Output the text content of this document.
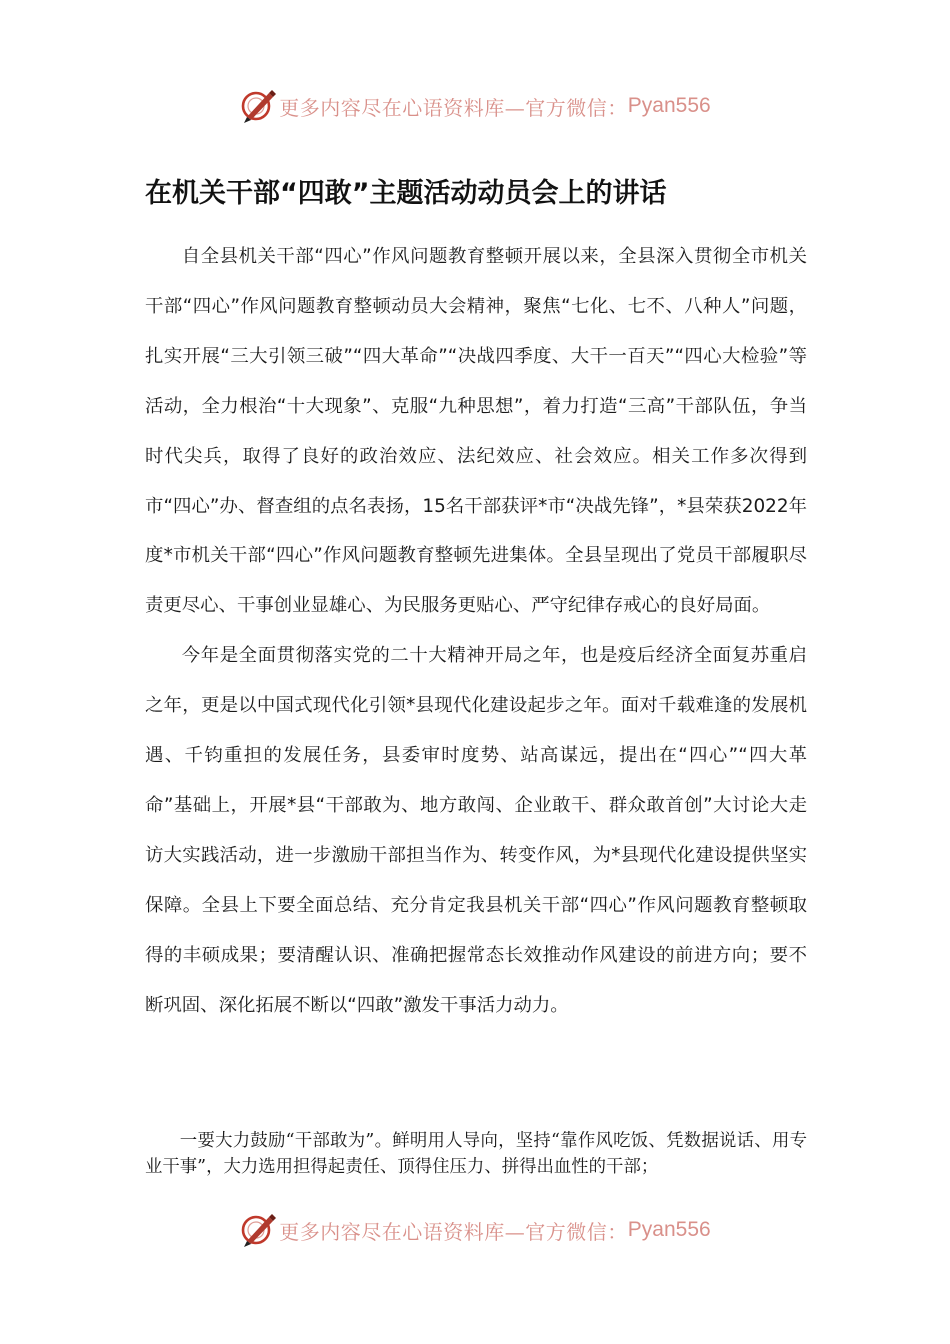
更多内容尽在心语资料库—官方微信： Pyan556
在机关干部“四敢”主题活动动员会上的讲话

自全县机关干部“四心”作风问题教育整顿开展以来，全县深入贯彻全市机关干部“四心”作风问题教育整顿动员大会精神，聚焦“七化、七不、八种人”问题，扎实开展“三大引领三破”“四大革命”“决战四季度、大干一百天”“四心大检验”等活动，全力根治“十大现象”、克服“九种思想”，着力打造“三高”干部队伍，争当时代尖兵，取得了良好的政治效应、法纪效应、社会效应。相关工作多次得到市“四心”办、督查组的点名表扬，15名干部获评*市“决战先锋”，*县荣获2022年度*市机关干部“四心”作风问题教育整顿先进集体。全县呈现出了党员干部履职尽责更尽心、干事创业显雄心、为民服务更贴心、严守纪律存戒心的良好局面。

今年是全面贯彻落实党的二十大精神开局之年，也是疫后经济全面复苏重启之年，更是以中国式现代化引领*县现代化建设起步之年。面对千载难逢的发展机遇、千钧重担的发展任务，县委审时度势、站高谋远，提出在“四心”“四大革命”基础上，开展*县“干部敢为、地方敢闯、企业敢干、群众敢首创”大讨论大走访大实践活动，进一步激励干部担当作为、转变作风，为*县现代化建设提供坚实保障。全县上下要全面总结、充分肯定我县机关干部“四心”作风问题教育整顿取得的丰硕成果；要清醒认识、准确把握常态长效推动作风建设的前进方向；要不断巩固、深化拓展不断以“四敢”激发干事活力动力。

一要大力鼓励“干部敢为”。鲜明用人导向，坚持“靠作风吃饭、凭数据说话、用专业干事”，大力选用担得起责任、顶得住压力、拼得出血性的干部；

更多内容尽在心语资料库—官方微信： Pyan556
